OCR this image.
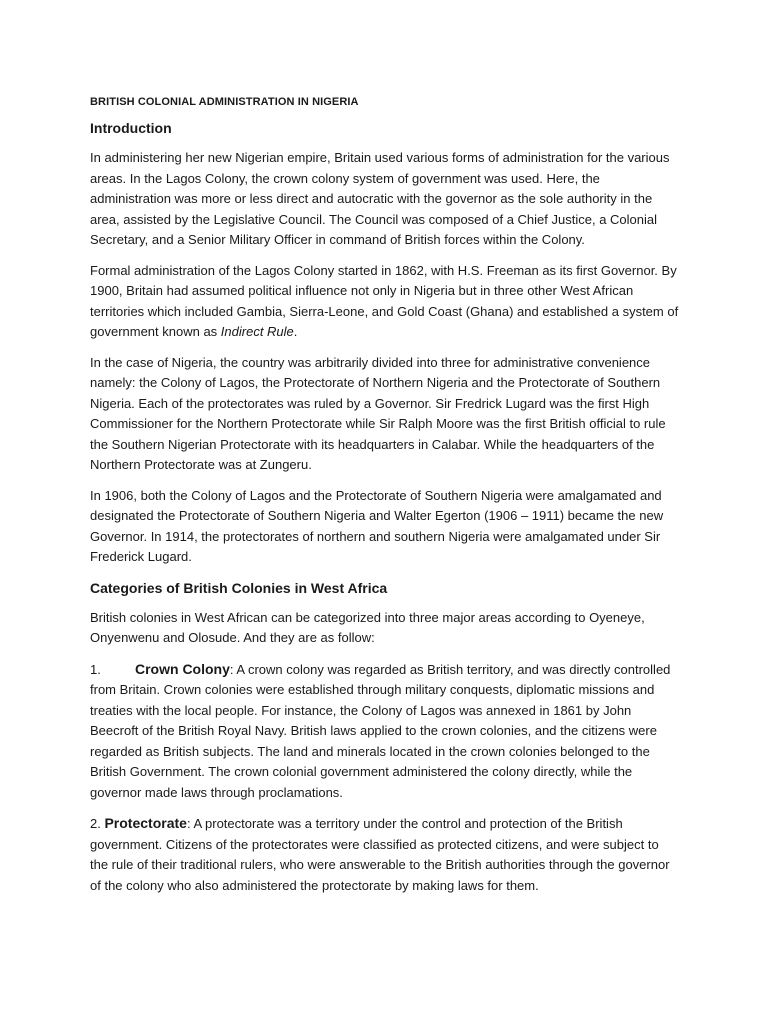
BRITISH COLONIAL ADMINISTRATION IN NIGERIA
Introduction

In administering her new Nigerian empire, Britain used various forms of administration for the various areas. In the Lagos Colony, the crown colony system of government was used. Here, the administration was more or less direct and autocratic with the governor as the sole authority in the area, assisted by the Legislative Council. The Council was composed of a Chief Justice, a Colonial Secretary, and a Senior Military Officer in command of British forces within the Colony.

Formal administration of the Lagos Colony started in 1862, with H.S. Freeman as its first Governor. By 1900, Britain had assumed political influence not only in Nigeria but in three other West African territories which included Gambia, Sierra-Leone, and Gold Coast (Ghana) and established a system of government known as Indirect Rule.

In the case of Nigeria, the country was arbitrarily divided into three for administrative convenience namely: the Colony of Lagos, the Protectorate of Northern Nigeria and the Protectorate of Southern Nigeria. Each of the protectorates was ruled by a Governor. Sir Fredrick Lugard was the first High Commissioner for the Northern Protectorate while Sir Ralph Moore was the first British official to rule the Southern Nigerian Protectorate with its headquarters in Calabar. While the headquarters of the Northern Protectorate was at Zungeru.

In 1906, both the Colony of Lagos and the Protectorate of Southern Nigeria were amalgamated and designated the Protectorate of Southern Nigeria and Walter Egerton (1906 – 1911) became the new Governor. In 1914, the protectorates of northern and southern Nigeria were amalgamated under Sir Frederick Lugard.

Categories of British Colonies in West Africa

British colonies in West African can be categorized into three major areas according to Oyeneye, Onyenwenu and Olosude. And they are as follow:

1. Crown Colony: A crown colony was regarded as British territory, and was directly controlled from Britain. Crown colonies were established through military conquests, diplomatic missions and treaties with the local people. For instance, the Colony of Lagos was annexed in 1861 by John Beecroft of the British Royal Navy. British laws applied to the crown colonies, and the citizens were regarded as British subjects. The land and minerals located in the crown colonies belonged to the British Government. The crown colonial government administered the colony directly, while the governor made laws through proclamations.

2. Protectorate: A protectorate was a territory under the control and protection of the British government. Citizens of the protectorates were classified as protected citizens, and were subject to the rule of their traditional rulers, who were answerable to the British authorities through the governor of the colony who also administered the protectorate by making laws for them.
